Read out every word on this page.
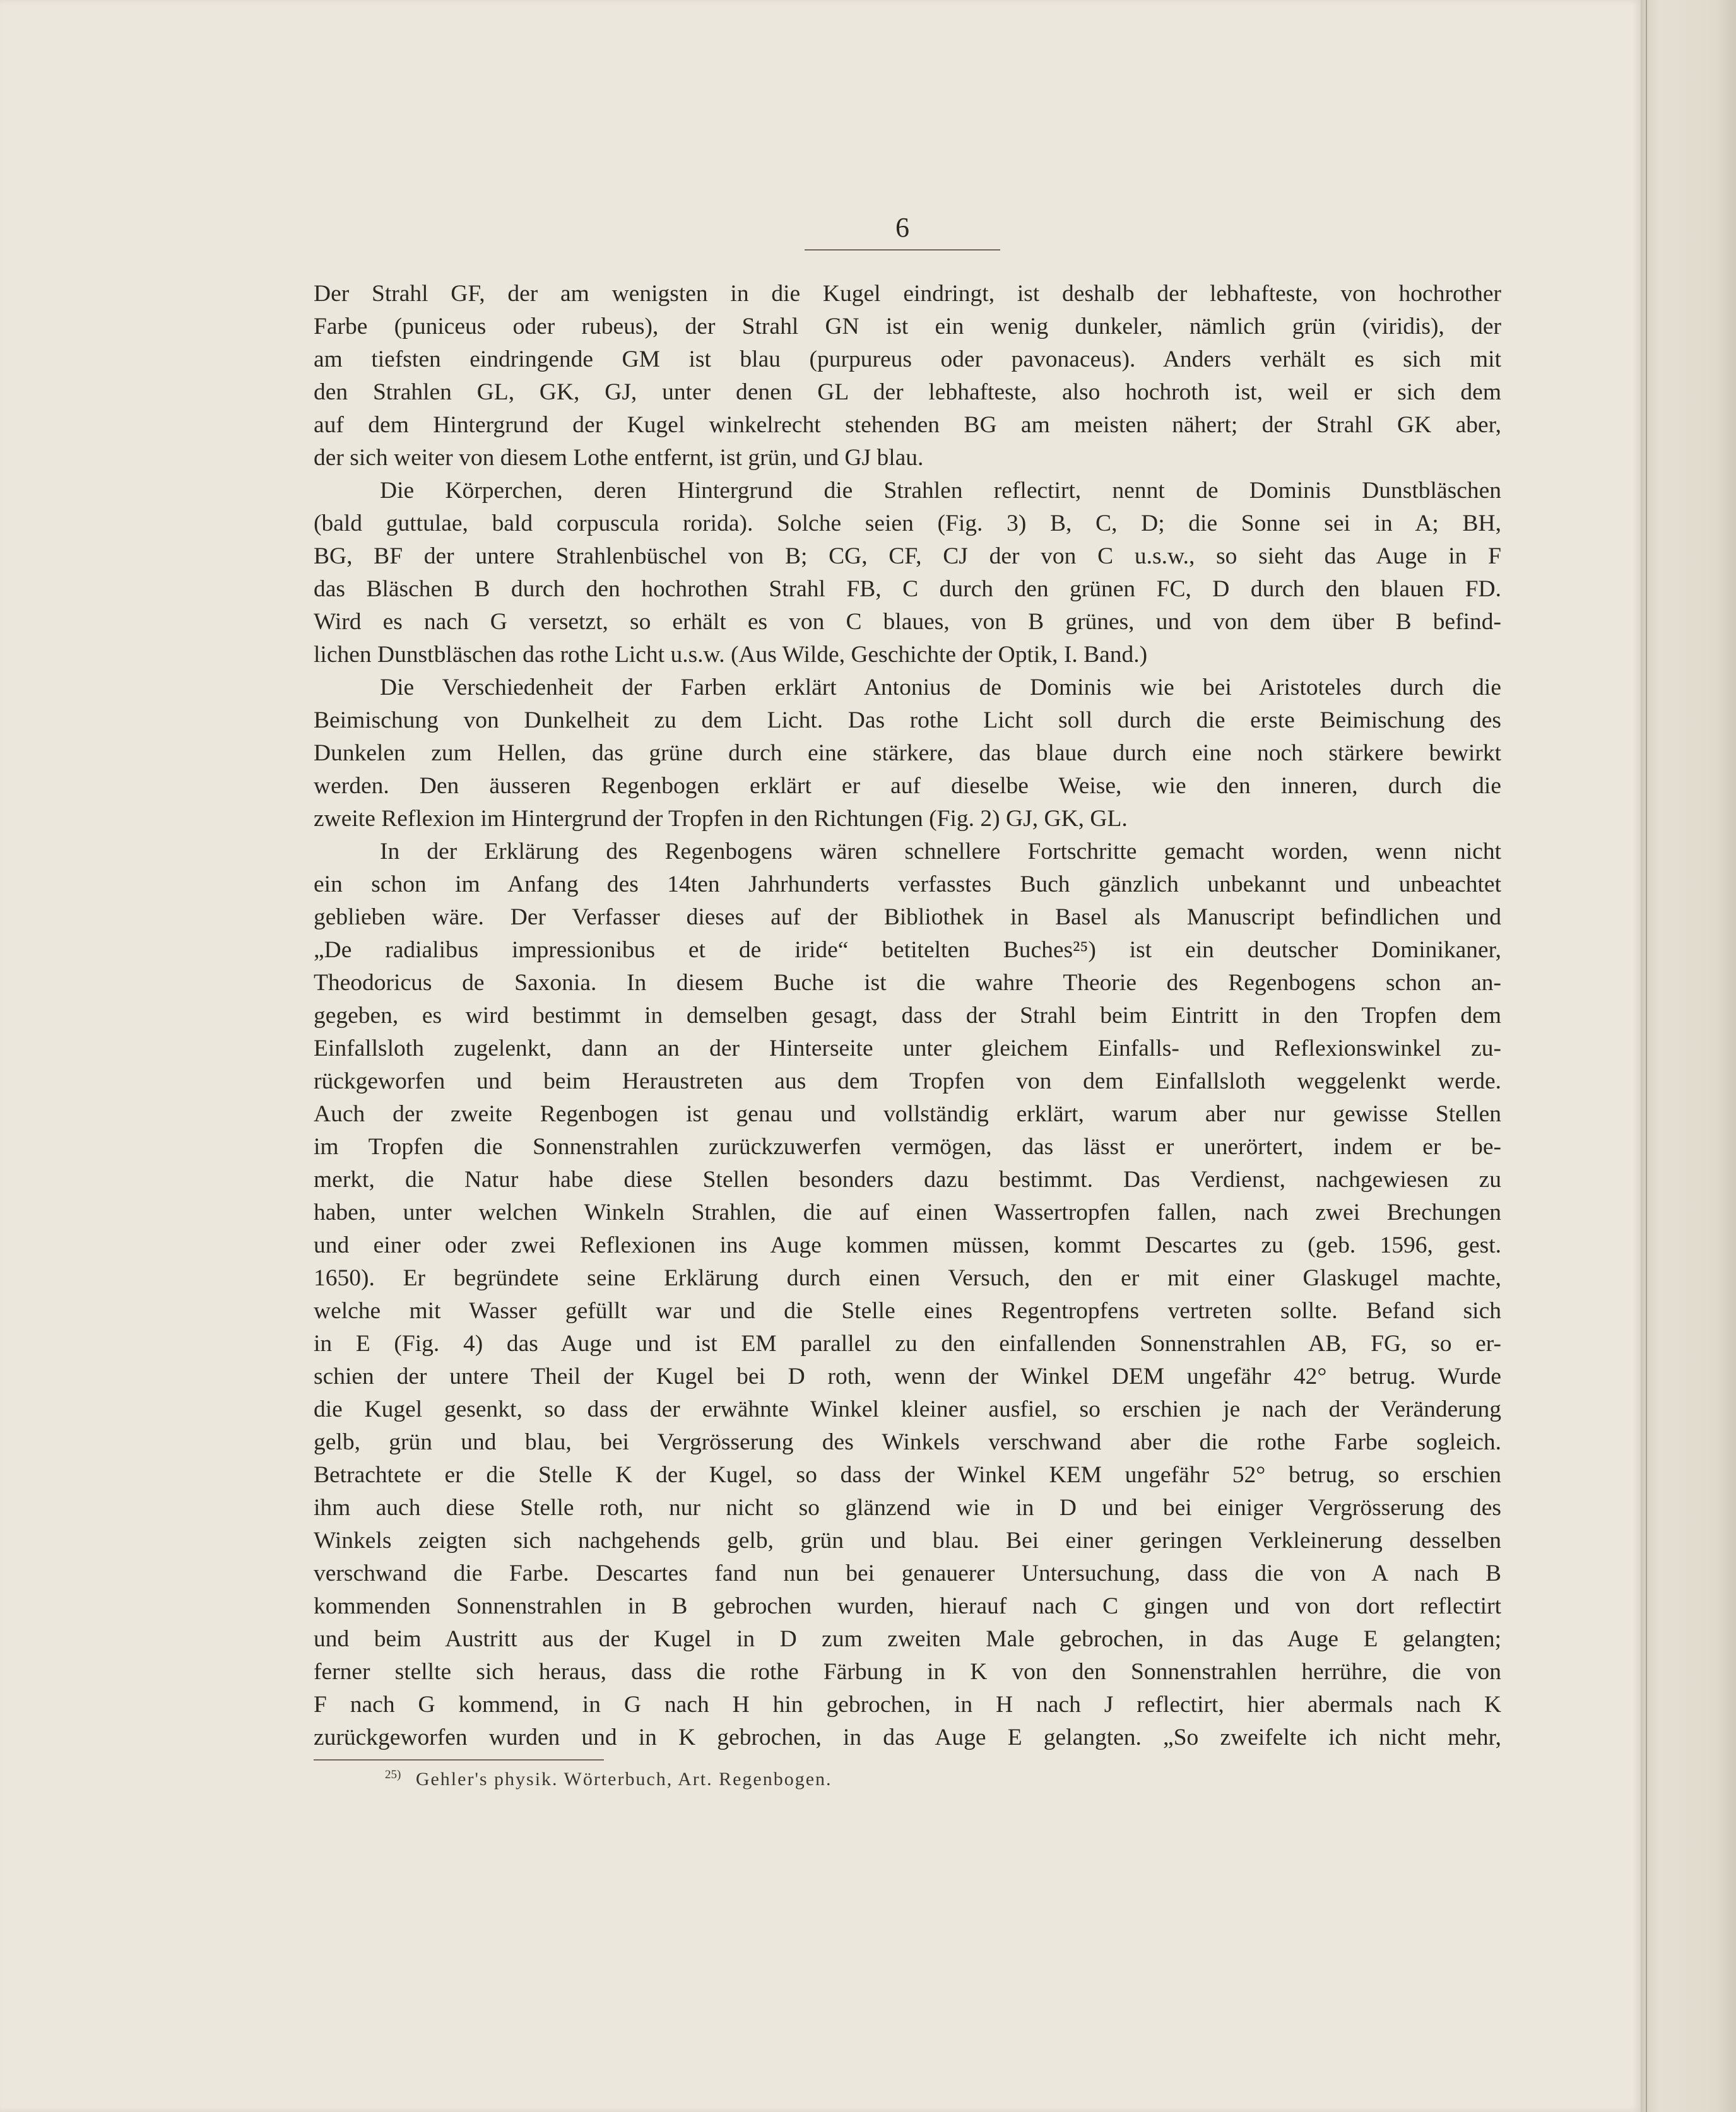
6
Der Strahl GF, der am wenigsten in die Kugel eindringt, ist deshalb der lebhafteste, von hochrother
Farbe (puniceus oder rubeus), der Strahl GN ist ein wenig dunkeler, nämlich grün (viridis), der
am tiefsten eindringende GM ist blau (purpureus oder pavonaceus). Anders verhält es sich mit
den Strahlen GL, GK, GJ, unter denen GL der lebhafteste, also hochroth ist, weil er sich dem
auf dem Hintergrund der Kugel winkelrecht stehenden BG am meisten nähert; der Strahl GK aber,
der sich weiter von diesem Lothe entfernt, ist grün, und GJ blau.
Die Körperchen, deren Hintergrund die Strahlen reflectirt, nennt de Dominis Dunstbläschen
(bald guttulae, bald corpuscula rorida). Solche seien (Fig. 3) B, C, D; die Sonne sei in A; BH,
BG, BF der untere Strahlenbüschel von B; CG, CF, CJ der von C u.s.w., so sieht das Auge in F
das Bläschen B durch den hochrothen Strahl FB, C durch den grünen FC, D durch den blauen FD.
Wird es nach G versetzt, so erhält es von C blaues, von B grünes, und von dem über B befind-
lichen Dunstbläschen das rothe Licht u.s.w. (Aus Wilde, Geschichte der Optik, I. Band.)
Die Verschiedenheit der Farben erklärt Antonius de Dominis wie bei Aristoteles durch die
Beimischung von Dunkelheit zu dem Licht. Das rothe Licht soll durch die erste Beimischung des
Dunkelen zum Hellen, das grüne durch eine stärkere, das blaue durch eine noch stärkere bewirkt
werden. Den äusseren Regenbogen erklärt er auf dieselbe Weise, wie den inneren, durch die
zweite Reflexion im Hintergrund der Tropfen in den Richtungen (Fig. 2) GJ, GK, GL.
In der Erklärung des Regenbogens wären schnellere Fortschritte gemacht worden, wenn nicht
ein schon im Anfang des 14ten Jahrhunderts verfasstes Buch gänzlich unbekannt und unbeachtet
geblieben wäre. Der Verfasser dieses auf der Bibliothek in Basel als Manuscript befindlichen und
„De radialibus impressionibus et de iride“ betitelten Buches²⁵) ist ein deutscher Dominikaner,
Theodoricus de Saxonia. In diesem Buche ist die wahre Theorie des Regenbogens schon an-
gegeben, es wird bestimmt in demselben gesagt, dass der Strahl beim Eintritt in den Tropfen dem
Einfallsloth zugelenkt, dann an der Hinterseite unter gleichem Einfalls- und Reflexionswinkel zu-
rückgeworfen und beim Heraustreten aus dem Tropfen von dem Einfallsloth weggelenkt werde.
Auch der zweite Regenbogen ist genau und vollständig erklärt, warum aber nur gewisse Stellen
im Tropfen die Sonnenstrahlen zurückzuwerfen vermögen, das lässt er unerörtert, indem er be-
merkt, die Natur habe diese Stellen besonders dazu bestimmt. Das Verdienst, nachgewiesen zu
haben, unter welchen Winkeln Strahlen, die auf einen Wassertropfen fallen, nach zwei Brechungen
und einer oder zwei Reflexionen ins Auge kommen müssen, kommt Descartes zu (geb. 1596, gest.
1650). Er begründete seine Erklärung durch einen Versuch, den er mit einer Glaskugel machte,
welche mit Wasser gefüllt war und die Stelle eines Regentropfens vertreten sollte. Befand sich
in E (Fig. 4) das Auge und ist EM parallel zu den einfallenden Sonnenstrahlen AB, FG, so er-
schien der untere Theil der Kugel bei D roth, wenn der Winkel DEM ungefähr 42° betrug. Wurde
die Kugel gesenkt, so dass der erwähnte Winkel kleiner ausfiel, so erschien je nach der Veränderung
gelb, grün und blau, bei Vergrösserung des Winkels verschwand aber die rothe Farbe sogleich.
Betrachtete er die Stelle K der Kugel, so dass der Winkel KEM ungefähr 52° betrug, so erschien
ihm auch diese Stelle roth, nur nicht so glänzend wie in D und bei einiger Vergrösserung des
Winkels zeigten sich nachgehends gelb, grün und blau. Bei einer geringen Verkleinerung desselben
verschwand die Farbe. Descartes fand nun bei genauerer Untersuchung, dass die von A nach B
kommenden Sonnenstrahlen in B gebrochen wurden, hierauf nach C gingen und von dort reflectirt
und beim Austritt aus der Kugel in D zum zweiten Male gebrochen, in das Auge E gelangten;
ferner stellte sich heraus, dass die rothe Färbung in K von den Sonnenstrahlen herrühre, die von
F nach G kommend, in G nach H hin gebrochen, in H nach J reflectirt, hier abermals nach K
zurückgeworfen wurden und in K gebrochen, in das Auge E gelangten. „So zweifelte ich nicht mehr,
$^{25)}$ Gehler's physik. Wörterbuch, Art. Regenbogen.
